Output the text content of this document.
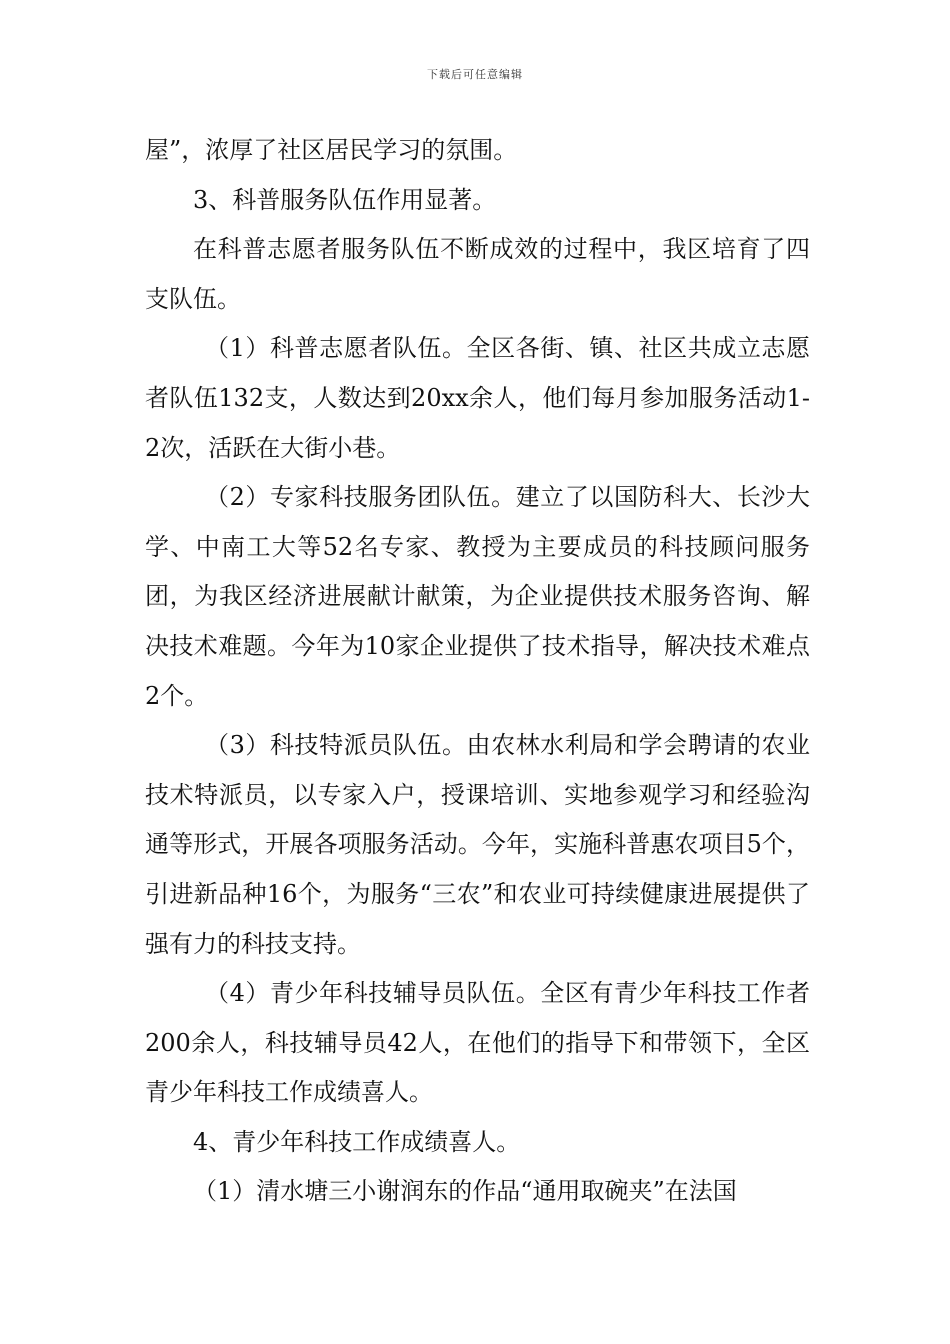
下载后可任意编辑

屋”，浓厚了社区居民学习的氛围。

3、科普服务队伍作用显著。

在科普志愿者服务队伍不断成效的过程中，我区培育了四支队伍。

（1）科普志愿者队伍。全区各街、镇、社区共成立志愿者队伍132支，人数达到20xx余人，他们每月参加服务活动1-2次，活跃在大街小巷。

（2）专家科技服务团队伍。建立了以国防科大、长沙大学、中南工大等52名专家、教授为主要成员的科技顾问服务团，为我区经济进展献计献策，为企业提供技术服务咨询、解决技术难题。今年为10家企业提供了技术指导，解决技术难点2个。

（3）科技特派员队伍。由农林水利局和学会聘请的农业技术特派员，以专家入户，授课培训、实地参观学习和经验沟通等形式，开展各项服务活动。今年，实施科普惠农项目5个，引进新品种16个，为服务“三农”和农业可持续健康进展提供了强有力的科技支持。

（4）青少年科技辅导员队伍。全区有青少年科技工作者200余人，科技辅导员42人，在他们的指导下和带领下，全区青少年科技工作成绩喜人。

4、青少年科技工作成绩喜人。

（1）清水塘三小谢润东的作品“通用取碗夹”在法国
